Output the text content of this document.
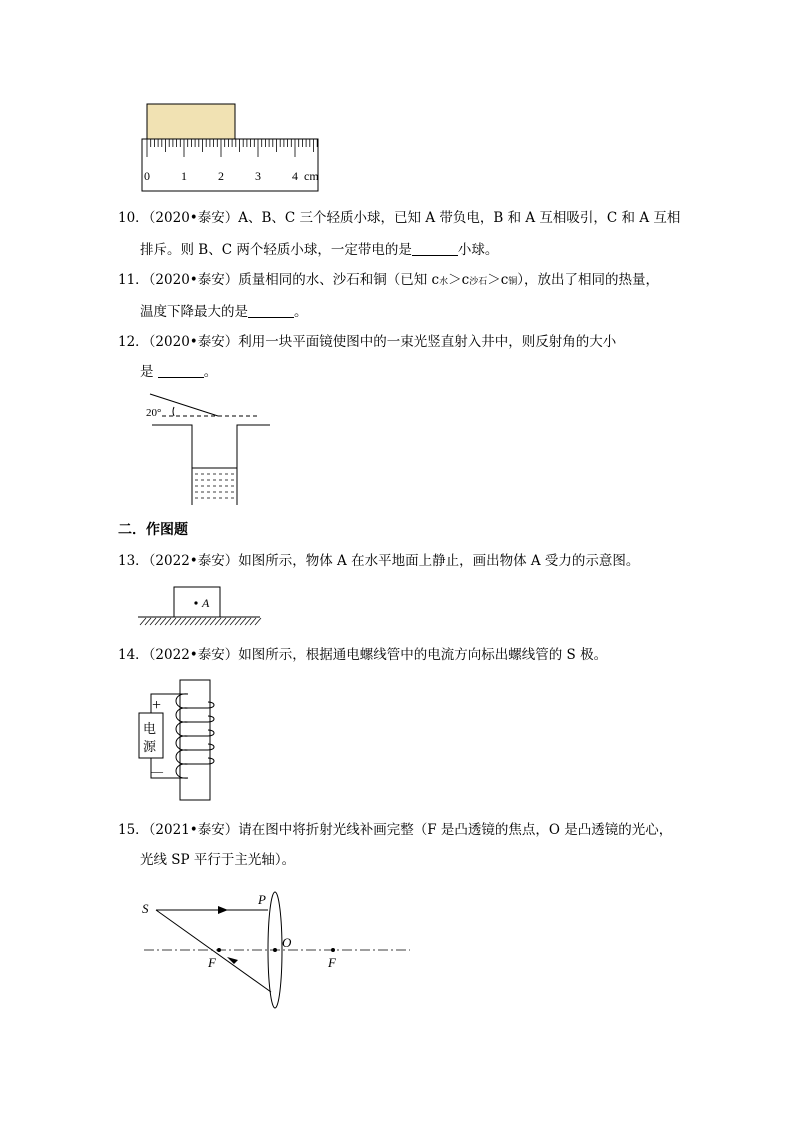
0	1	2	3	4 cm
10．（2020•泰安）A、B、C 三个轻质小球，已知 A 带负电，B 和 A 互相吸引，C 和 A 互相
排斥。则 B、C 两个轻质小球，一定带电的是	小球。
11．（2020•泰安）质量相同的水、沙石和铜（已知 c水＞c沙石＞c铜），放出了相同的热量，
温度下降最大的是	。
12．（2020•泰安）利用一块平面镜使图中的一束光竖直射入井中，则反射角的大小
是	。
20°
二．作图题
13．（2022•泰安）如图所示，物体 A 在水平地面上静止，画出物体 A 受力的示意图。
A
14．（2022•泰安）如图所示，根据通电螺线管中的电流方向标出螺线管的 S 极。
电
源
+
—
15．（2021•泰安）请在图中将折射光线补画完整（F 是凸透镜的焦点，O 是凸透镜的光心，
光线 SP 平行于主光轴）。
S
P
O
F	F
